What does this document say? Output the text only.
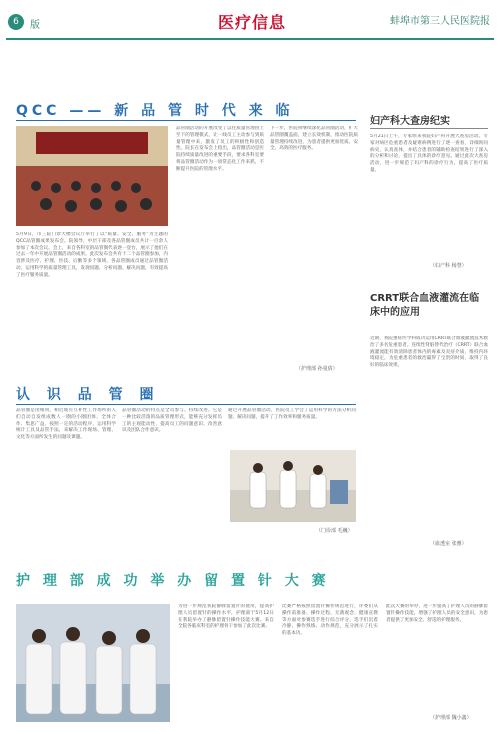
6	版	医疗信息	蚌埠市第三人民医院报
QCC —— 新 品 管 时 代 来 临
5月9日，市三院门诊大楼会议厅举行了以“质量、安全、服务”为主题的QCC品管圈成果发布会。院领导、中层干部及各品管圈成员共计一百余人参加了本次会议。会上，来自各科室的品管圈代表逐一登台，展示了他们在过去一年中开展品管圈活动的成果。此次发布会共有十二个品管圈参加，内容涉及医疗、护理、医技、后勤等多个领域，各品管圈成员通过品管圈活动，运用科学的质量管理工具，发现问题、分析问题、解决问题，有效提高了医疗服务质量。
品管圈活动的开展改变了以往质量管理由上至下的管理模式，让一线员工主动参与到质量管理中来，激发了员工的积极性和创造性。院长在发布会上指出，品管圈活动是医院持续质量改进的重要手段，要求各科室要将品管圈活动作为一项常态化工作来抓，不断提升医院的管理水平。
下一步，医院将继续深化品管圈活动，扩大品管圈覆盖面，建立长效机制，推动医院质量管理持续改进，为患者提供更加优质、安全、高效的医疗服务。
（护理部 孙曼倩）
妇产科大查房纪实
5月21日上午，专家组来我院妇产科开展大查房活动。专家对病区危重患者及疑难病例进行了逐一查看，详细询问病史，认真查体，并结合患者的辅助检查结果进行了深入的分析和讨论，提出了具体的诊疗意见。通过此次大查房活动，进一步规范了妇产科的诊疗行为，提高了医疗质量。
（妇产科 杨慧）
CRRT联合血液灌流在临床中的应用
近期，我院重症医学科成功运用CRRT联合血液灌流技术救治了多名危重患者。连续性肾脏替代治疗（CRRT）联合血液灌流能有效清除患者体内的毒素及炎症介质，维持内环境稳定，为危重患者的救治赢得了宝贵的时间，取得了良好的临床效果。
（血透室 张雅）
认 识 品 管 圈
品管圈是由相同、相近或有互补性工作场所的人们自动自发组成数人一圈的小圈团体，全体合作、集思广益，按照一定的活动程序，运用科学统计工具及品管手法，来解决工作现场、管理、文化等方面所发生的问题及课题。
品管圈活动的特点是全员参与、持续改进。它是一种比较活泼的品质管理形式，能够充分发挥员工的主观能动性，提高员工的问题意识、改善意识及团队合作意识。
通过开展品管圈活动，医院员工学会了运用科学的方法分析问题、解决问题，提升了工作效率和服务质量。
（门诊部 毛巍）
护 理 部 成 功 举 办 留 置 针 大 赛
为进一步规范我院静脉留置针的使用，提高护理人员留置针的操作水平，护理部于5月12日在我院举办了静脉留置针操作技能大赛。来自全院各临床科室的护理骨干参加了此次比赛。
比赛严格按照留置针操作规范进行，评委们从操作前准备、操作过程、无菌观念、健康宣教等方面对参赛选手进行综合评分。选手们沉着冷静、操作熟练、动作规范，充分展示了扎实的基本功。
此次大赛的举办，进一步提高了护理人员的静脉留置针操作技能，增强了护理人员的安全意识，为患者提供了更加安全、舒适的护理服务。
（护理部 魏小鑫）
